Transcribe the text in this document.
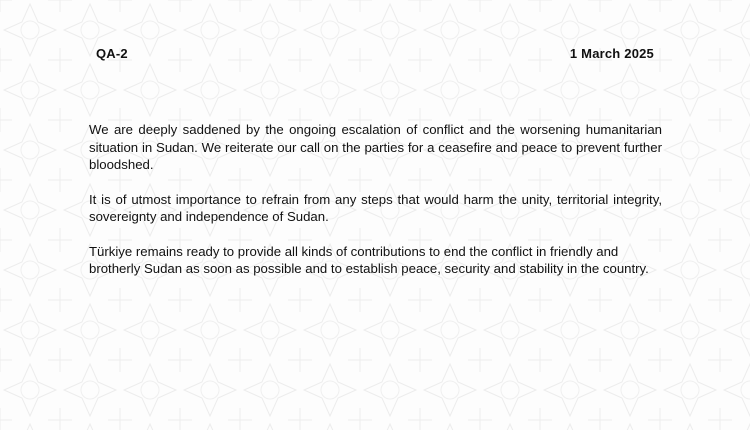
QA-2	1 March 2025

We are deeply saddened by the ongoing escalation of conflict and the worsening humanitarian situation in Sudan. We reiterate our call on the parties for a ceasefire and peace to prevent further bloodshed.

It is of utmost importance to refrain from any steps that would harm the unity, territorial integrity, sovereignty and independence of Sudan.

Türkiye remains ready to provide all kinds of contributions to end the conflict in friendly and brotherly Sudan as soon as possible and to establish peace, security and stability in the country.
